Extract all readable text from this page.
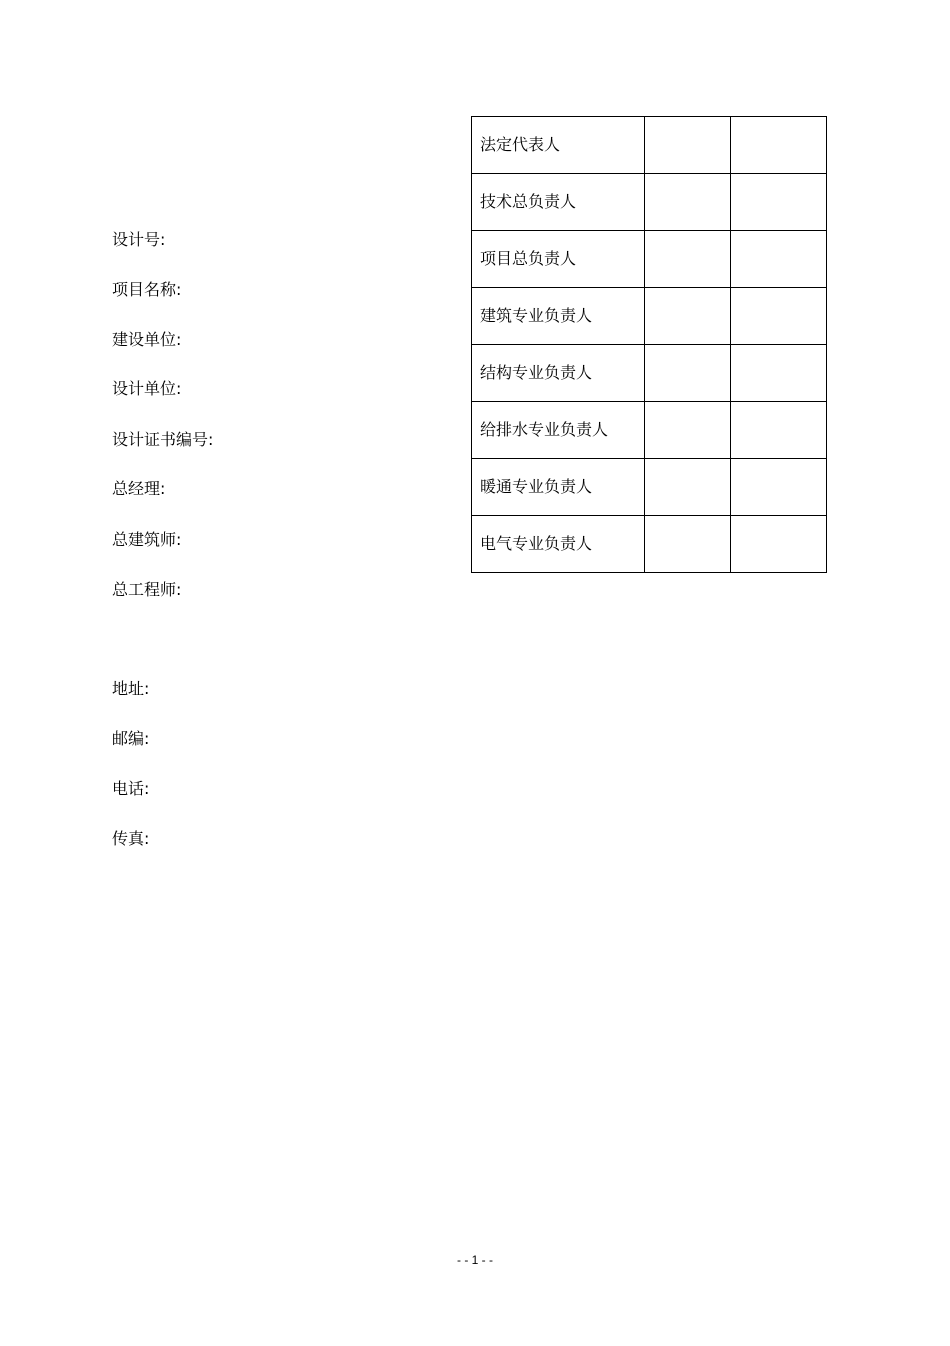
设计号:
项目名称:
建设单位:
设计单位:
设计证书编号:
总经理:
总建筑师:
总工程师:
地址:
邮编:
电话:
传真:
法定代表人		
技术总负责人		
项目总负责人		
建筑专业负责人		
结构专业负责人		
给排水专业负责人		
暖通专业负责人		
电气专业负责人		
- - 1 - -
